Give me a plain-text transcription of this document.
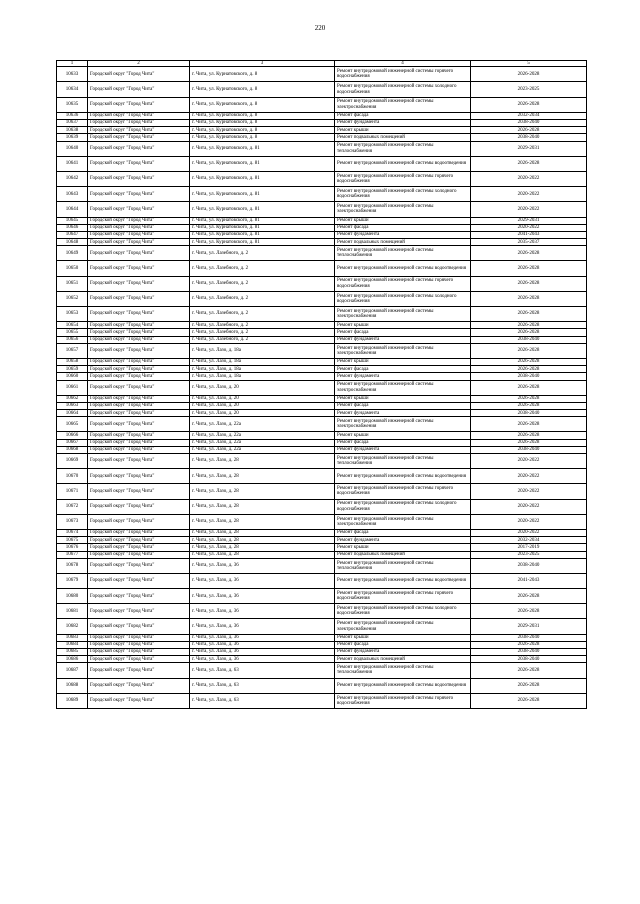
220
1	2	3	4	5
10633	Городской округ "Город Чита"	г. Чита, ул. Курнатовского, д. 8	Ремонт внутридомовой инженерной системы горячего водоснабжения	2026-2028
10634	Городской округ "Город Чита"	г. Чита, ул. Курнатовского, д. 8	Ремонт внутридомовой инженерной системы холодного водоснабжения	2023-2025
10635	Городской округ "Город Чита"	г. Чита, ул. Курнатовского, д. 8	Ремонт внутридомовой инженерной системы электроснабжения	2026-2028
10636	Городской округ "Город Чита"	г. Чита, ул. Курнатовского, д. 8	Ремонт фасада	2032-2034
10637	Городской округ "Город Чита"	г. Чита, ул. Курнатовского, д. 8	Ремонт фундамента	2038-2040
10638	Городской округ "Город Чита"	г. Чита, ул. Курнатовского, д. 8	Ремонт крыши	2026-2028
10639	Городской округ "Город Чита"	г. Чита, ул. Курнатовского, д. 8	Ремонт подвальных помещений	2038-2040
10640	Городской округ "Город Чита"	г. Чита, ул. Курнатовского, д. 81	Ремонт внутридомовой инженерной системы теплоснабжения	2029-2031
10641	Городской округ "Город Чита"	г. Чита, ул. Курнатовского, д. 81	Ремонт внутридомовой инженерной системы водоотведения	2026-2028
10642	Городской округ "Город Чита"	г. Чита, ул. Курнатовского, д. 81	Ремонт внутридомовой инженерной системы горячего водоснабжения	2020-2022
10643	Городской округ "Город Чита"	г. Чита, ул. Курнатовского, д. 81	Ремонт внутридомовой инженерной системы холодного водоснабжения	2020-2022
10644	Городской округ "Город Чита"	г. Чита, ул. Курнатовского, д. 81	Ремонт внутридомовой инженерной системы электроснабжения	2020-2022
10645	Городской округ "Город Чита"	г. Чита, ул. Курнатовского, д. 81	Ремонт крыши	2029-2031
10646	Городской округ "Город Чита"	г. Чита, ул. Курнатовского, д. 81	Ремонт фасада	2020-2022
10647	Городской округ "Город Чита"	г. Чита, ул. Курнатовского, д. 81	Ремонт фундамента	2041-2043
10648	Городской округ "Город Чита"	г. Чита, ул. Курнатовского, д. 81	Ремонт подвальных помещений	2035-2037
10649	Городской округ "Город Чита"	г. Чита, ул. Лазебного, д. 2	Ремонт внутридомовой инженерной системы теплоснабжения	2026-2028
10650	Городской округ "Город Чита"	г. Чита, ул. Лазебного, д. 2	Ремонт внутридомовой инженерной системы водоотведения	2026-2028
10651	Городской округ "Город Чита"	г. Чита, ул. Лазебного, д. 2	Ремонт внутридомовой инженерной системы горячего водоснабжения	2026-2028
10652	Городской округ "Город Чита"	г. Чита, ул. Лазебного, д. 2	Ремонт внутридомовой инженерной системы холодного водоснабжения	2026-2028
10653	Городской округ "Город Чита"	г. Чита, ул. Лазебного, д. 2	Ремонт внутридомовой инженерной системы электроснабжения	2026-2028
10654	Городской округ "Город Чита"	г. Чита, ул. Лазебного, д. 2	Ремонт крыши	2026-2028
10655	Городской округ "Город Чита"	г. Чита, ул. Лазебного, д. 2	Ремонт фасада	2026-2028
10656	Городской округ "Город Чита"	г. Чита, ул. Лазебного, д. 2	Ремонт фундамента	2038-2040
10657	Городской округ "Город Чита"	г. Чита, ул. Лазо, д. 18а	Ремонт внутридомовой инженерной системы электроснабжения	2026-2028
10658	Городской округ "Город Чита"	г. Чита, ул. Лазо, д. 18а	Ремонт крыши	2026-2028
10659	Городской округ "Город Чита"	г. Чита, ул. Лазо, д. 18а	Ремонт фасада	2026-2028
10660	Городской округ "Город Чита"	г. Чита, ул. Лазо, д. 18а	Ремонт фундамента	2038-2040
10661	Городской округ "Город Чита"	г. Чита, ул. Лазо, д. 20	Ремонт внутридомовой инженерной системы электроснабжения	2026-2028
10662	Городской округ "Город Чита"	г. Чита, ул. Лазо, д. 20	Ремонт крыши	2026-2028
10663	Городской округ "Город Чита"	г. Чита, ул. Лазо, д. 20	Ремонт фасада	2026-2028
10664	Городской округ "Город Чита"	г. Чита, ул. Лазо, д. 20	Ремонт фундамента	2038-2040
10665	Городской округ "Город Чита"	г. Чита, ул. Лазо, д. 22а	Ремонт внутридомовой инженерной системы электроснабжения	2026-2028
10666	Городской округ "Город Чита"	г. Чита, ул. Лазо, д. 22а	Ремонт крыши	2026-2028
10667	Городской округ "Город Чита"	г. Чита, ул. Лазо, д. 22а	Ремонт фасада	2026-2028
10668	Городской округ "Город Чита"	г. Чита, ул. Лазо, д. 22а	Ремонт фундамента	2038-2040
10669	Городской округ "Город Чита"	г. Чита, ул. Лазо, д. 28	Ремонт внутридомовой инженерной системы теплоснабжения	2020-2022
10670	Городской округ "Город Чита"	г. Чита, ул. Лазо, д. 28	Ремонт внутридомовой инженерной системы водоотведения	2020-2022
10671	Городской округ "Город Чита"	г. Чита, ул. Лазо, д. 28	Ремонт внутридомовой инженерной системы горячего водоснабжения	2020-2022
10672	Городской округ "Город Чита"	г. Чита, ул. Лазо, д. 28	Ремонт внутридомовой инженерной системы холодного водоснабжения	2020-2022
10673	Городской округ "Город Чита"	г. Чита, ул. Лазо, д. 28	Ремонт внутридомовой инженерной системы электроснабжения	2020-2022
10674	Городской округ "Город Чита"	г. Чита, ул. Лазо, д. 28	Ремонт фасада	2020-2022
10675	Городской округ "Город Чита"	г. Чита, ул. Лазо, д. 28	Ремонт фундамента	2032-2034
10676	Городской округ "Город Чита"	г. Чита, ул. Лазо, д. 28	Ремонт крыши	2017-2019
10677	Городской округ "Город Чита"	г. Чита, ул. Лазо, д. 28	Ремонт подвальных помещений	2023-2025
10678	Городской округ "Город Чита"	г. Чита, ул. Лазо, д. 36	Ремонт внутридомовой инженерной системы теплоснабжения	2038-2040
10679	Городской округ "Город Чита"	г. Чита, ул. Лазо, д. 36	Ремонт внутридомовой инженерной системы водоотведения	2041-2043
10680	Городской округ "Город Чита"	г. Чита, ул. Лазо, д. 36	Ремонт внутридомовой инженерной системы горячего водоснабжения	2026-2028
10681	Городской округ "Город Чита"	г. Чита, ул. Лазо, д. 36	Ремонт внутридомовой инженерной системы холодного водоснабжения	2026-2028
10682	Городской округ "Город Чита"	г. Чита, ул. Лазо, д. 36	Ремонт внутридомовой инженерной системы электроснабжения	2029-2031
10683	Городской округ "Город Чита"	г. Чита, ул. Лазо, д. 36	Ремонт крыши	2038-2040
10684	Городской округ "Город Чита"	г. Чита, ул. Лазо, д. 36	Ремонт фасада	2026-2028
10685	Городской округ "Город Чита"	г. Чита, ул. Лазо, д. 36	Ремонт фундамента	2038-2040
10686	Городской округ "Город Чита"	г. Чита, ул. Лазо, д. 36	Ремонт подвальных помещений	2038-2040
10687	Городской округ "Город Чита"	г. Чита, ул. Лазо, д. 63	Ремонт внутридомовой инженерной системы теплоснабжения	2026-2028
10688	Городской округ "Город Чита"	г. Чита, ул. Лазо, д. 63	Ремонт внутридомовой инженерной системы водоотведения	2026-2028
10689	Городской округ "Город Чита"	г. Чита, ул. Лазо, д. 63	Ремонт внутридомовой инженерной системы горячего водоснабжения	2026-2028
